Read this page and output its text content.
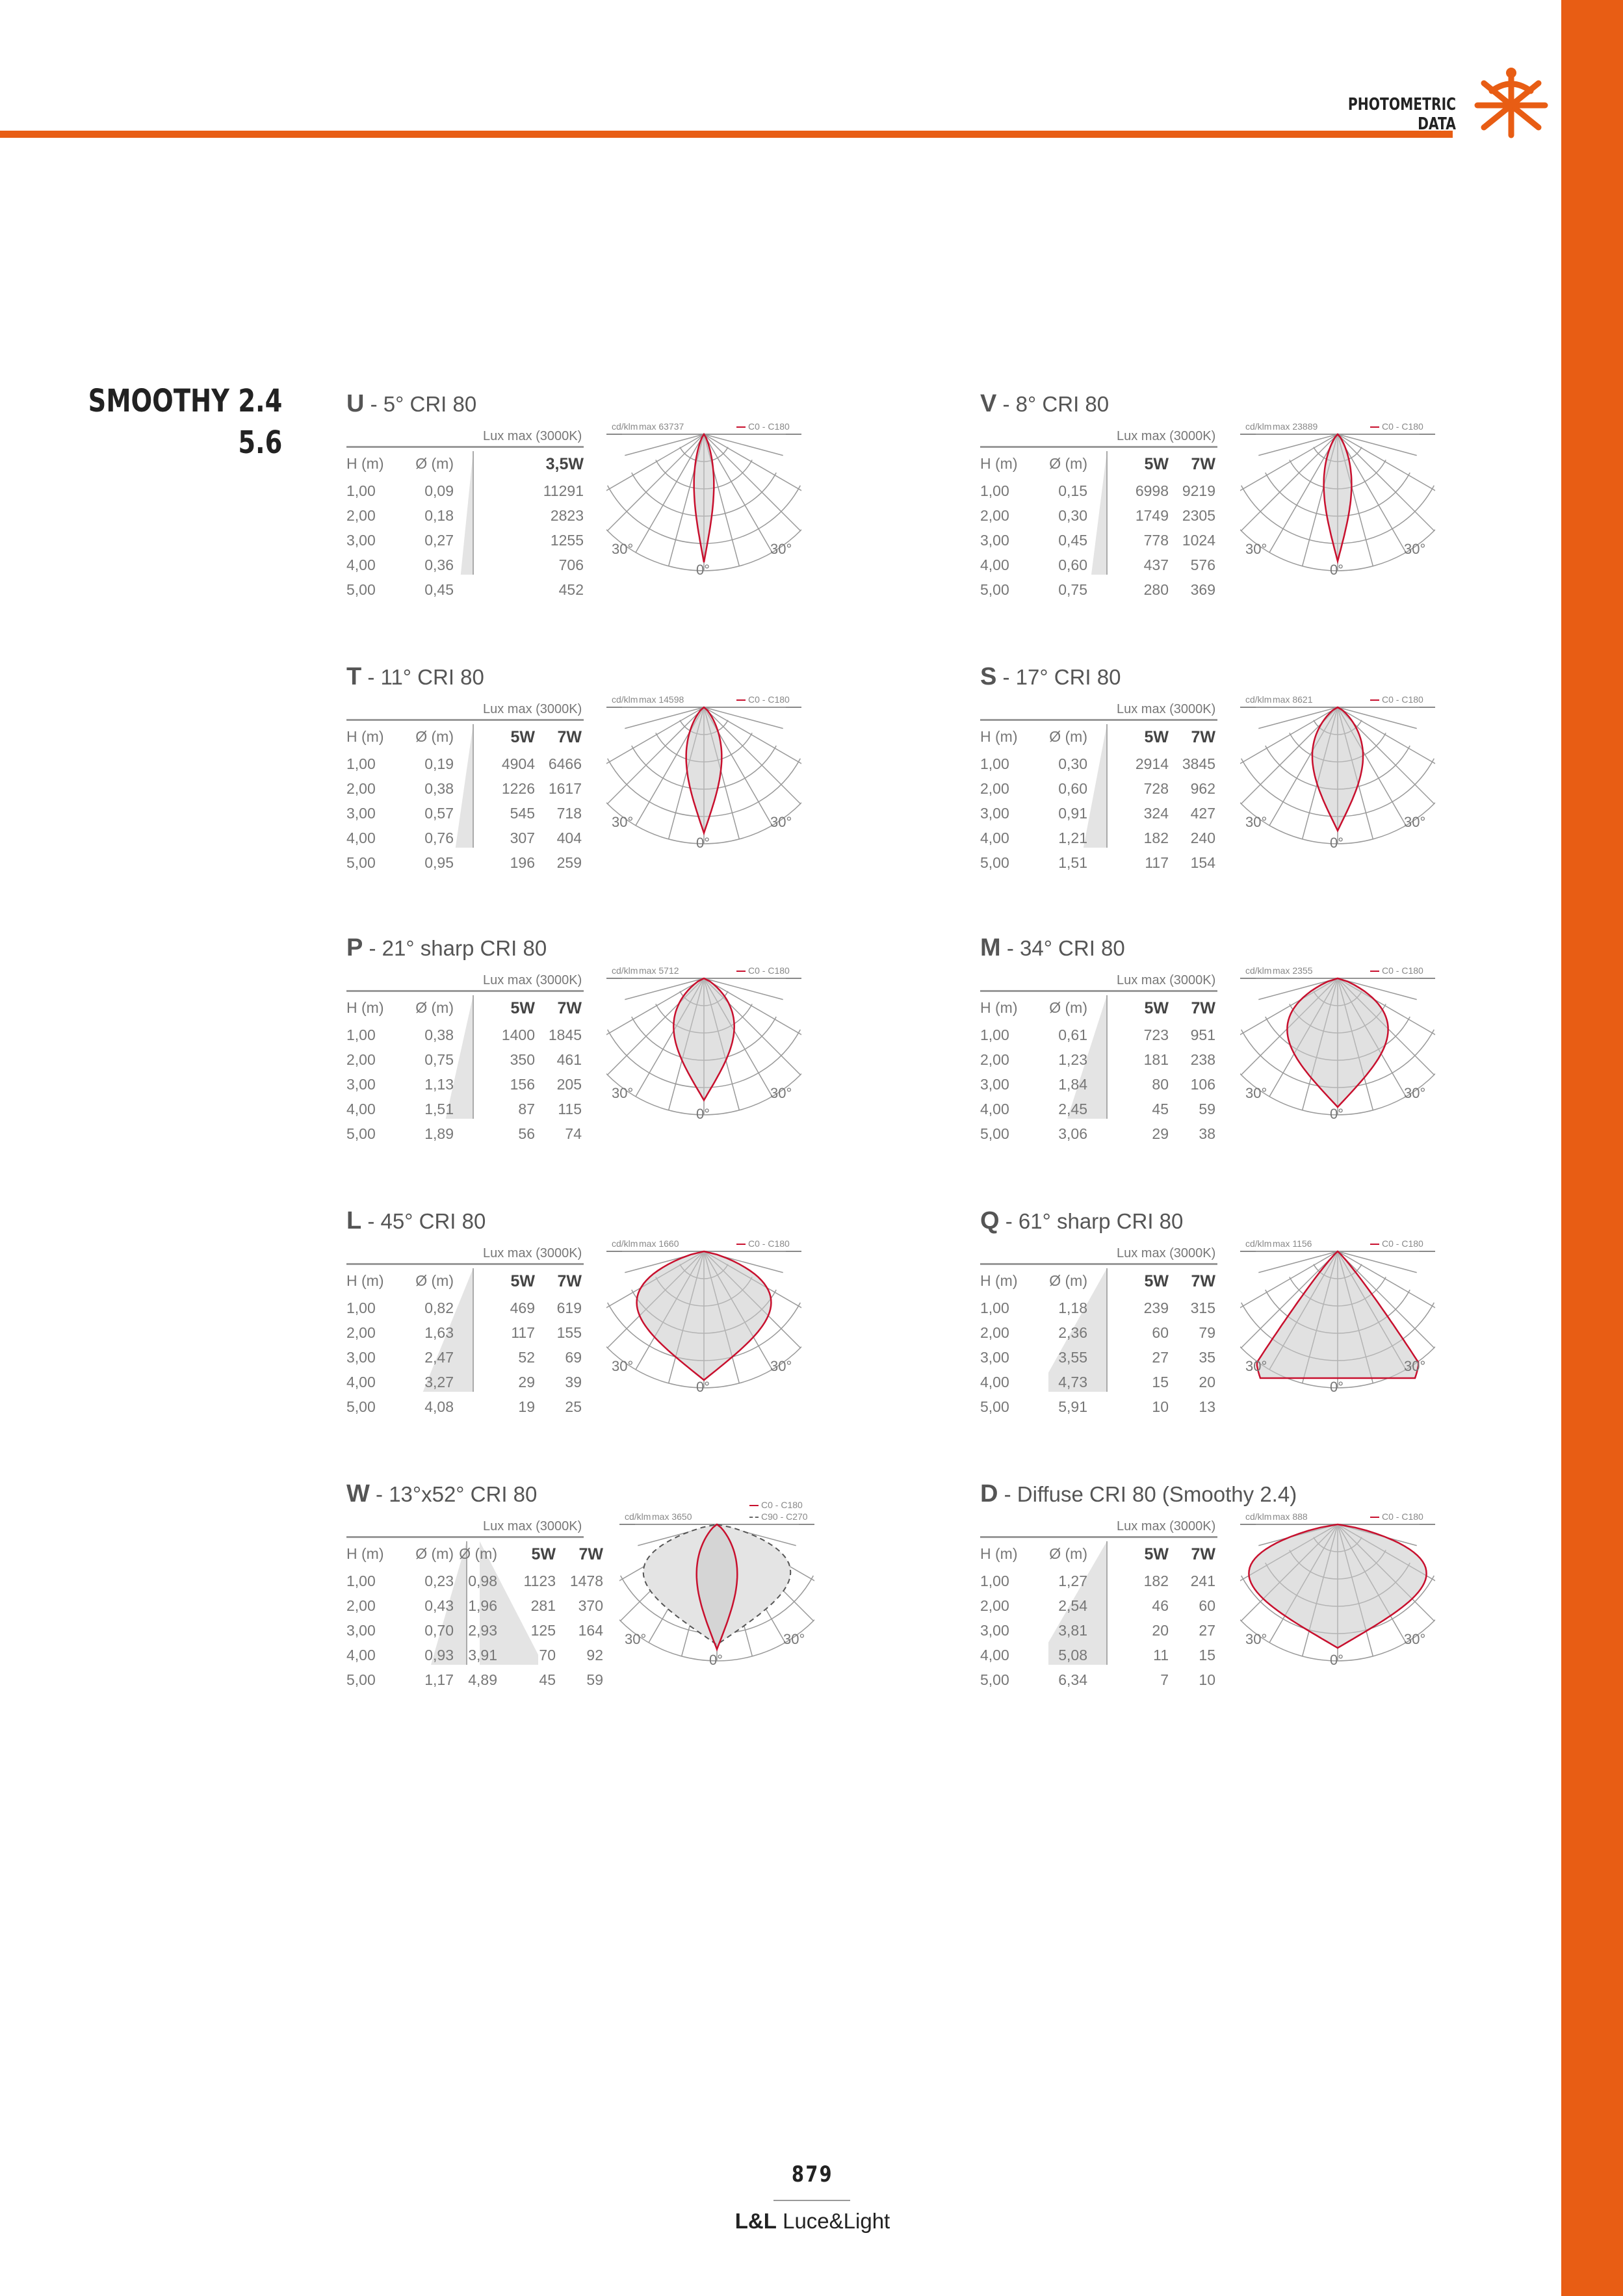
PHOTOMETRIC DATA
SMOOTHY 2.4
5.6
U - 5° CRI 80
Lux max (3000K)
H (m) Ø (m)	3,5W
1,00	0,09	11291
2,00	0,18	2823
3,00	0,27	1255
4,00	0,36	706
5,00	0,45	452
cd/klm max 63737	C0 - C180
30°	30°
0°
V - 8° CRI 80
Lux max (3000K)
H (m) Ø (m)	5W 7W
1,00	0,15	6998 9219
2,00	0,30	1749 2305
3,00	0,45	778 1024
4,00	0,60	437 576
5,00	0,75	280 369
cd/klm max 23889	C0 - C180
30°	30°
0°
T - 11° CRI 80
Lux max (3000K)
H (m) Ø (m)	5W 7W
1,00	0,19	4904 6466
2,00	0,38	1226 1617
3,00	0,57	545 718
4,00	0,76	307 404
5,00	0,95	196 259
cd/klm max 14598	C0 - C180
30°	30°
0°
S - 17° CRI 80
Lux max (3000K)
H (m) Ø (m)	5W 7W
1,00	0,30	2914 3845
2,00	0,60	728 962
3,00	0,91	324 427
4,00	1,21	182 240
5,00	1,51	117 154
cd/klm max 8621	C0 - C180
30°	30°
0°
P - 21° sharp CRI 80
Lux max (3000K)
H (m) Ø (m)	5W 7W
1,00	0,38	1400 1845
2,00	0,75	350 461
3,00	1,13	156 205
4,00	1,51	87 115
5,00	1,89	56 74
cd/klm max 5712	C0 - C180
30°	30°
0°
M - 34° CRI 80
Lux max (3000K)
H (m) Ø (m)	5W 7W
1,00	0,61	723 951
2,00	1,23	181 238
3,00	1,84	80 106
4,00	2,45	45 59
5,00	3,06	29 38
cd/klm max 2355	C0 - C180
30°	30°
0°
L - 45° CRI 80
Lux max (3000K)
H (m) Ø (m)	5W 7W
1,00	0,82	469 619
2,00	1,63	117 155
3,00	2,47	52 69
4,00	3,27	29 39
5,00	4,08	19 25
cd/klm max 1660	C0 - C180
30°	30°
0°
Q - 61° sharp CRI 80
Lux max (3000K)
H (m) Ø (m)	5W 7W
1,00	1,18	239 315
2,00	2,36	60 79
3,00	3,55	27 35
4,00	4,73	15 20
5,00	5,91	10 13
cd/klm max 1156	C0 - C180
30°	30°
0°
W - 13°x52° CRI 80
Lux max (3000K)
H (m) Ø (m) Ø (m) 5W 7W
1,00	0,23 0,98 1123 1478
2,00	0,43 1,96 281 370
3,00	0,70 2,93 125 164
4,00	0,93 3,91	70 92
5,00	1,17 4,89	45 59
cd/klm max 3650
C0 - C180
C90 - C270
30°	30°
0°
D - Diffuse CRI 80 (Smoothy 2.4)
Lux max (3000K)
H (m) Ø (m)	5W 7W
1,00	1,27	182 241
2,00	2,54	46 60
3,00	3,81	20 27
4,00	5,08	11 15
5,00	6,34	7 10
cd/klm max 888	C0 - C180
30°	30°
0°
879
L&L Luce&Light
